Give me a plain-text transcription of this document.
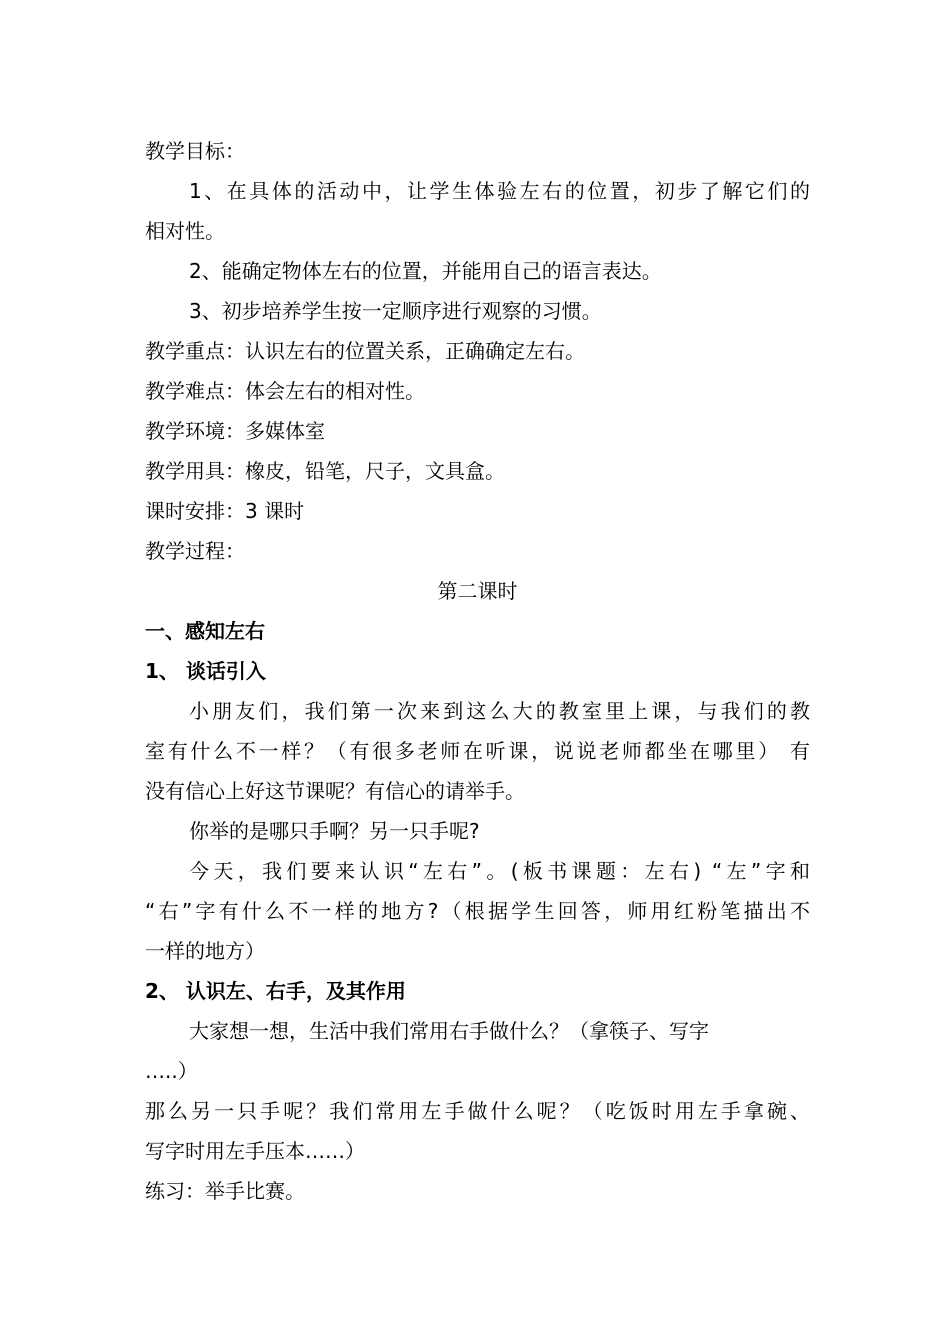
教学目标：
1、在具体的活动中，让学生体验左右的位置，初步了解它们的
相对性。
2、能确定物体左右的位置，并能用自己的语言表达。
3、初步培养学生按一定顺序进行观察的习惯。
教学重点：认识左右的位置关系，正确确定左右。
教学难点：体会左右的相对性。
教学环境：多媒体室
教学用具：橡皮，铅笔，尺子，文具盒。
课时安排：3 课时
教学过程：
第二课时
一、感知左右
1、 谈话引入
小朋友们，我们第一次来到这么大的教室里上课，与我们的教
室有什么不一样？（有很多老师在听课，说说老师都坐在哪里） 有
没有信心上好这节课呢？有信心的请举手。
你举的是哪只手啊？另一只手呢?
今天，我们要来认识“左右”。(板书课题：左右) “左”字和
“右”字有什么不一样的地方?（根据学生回答，师用红粉笔描出不
一样的地方）
2、 认识左、右手，及其作用
大家想一想，生活中我们常用右手做什么？（拿筷子、写字
…..）
那么另一只手呢？我们常用左手做什么呢？（吃饭时用左手拿碗、
写字时用左手压本……）
练习：举手比赛。
